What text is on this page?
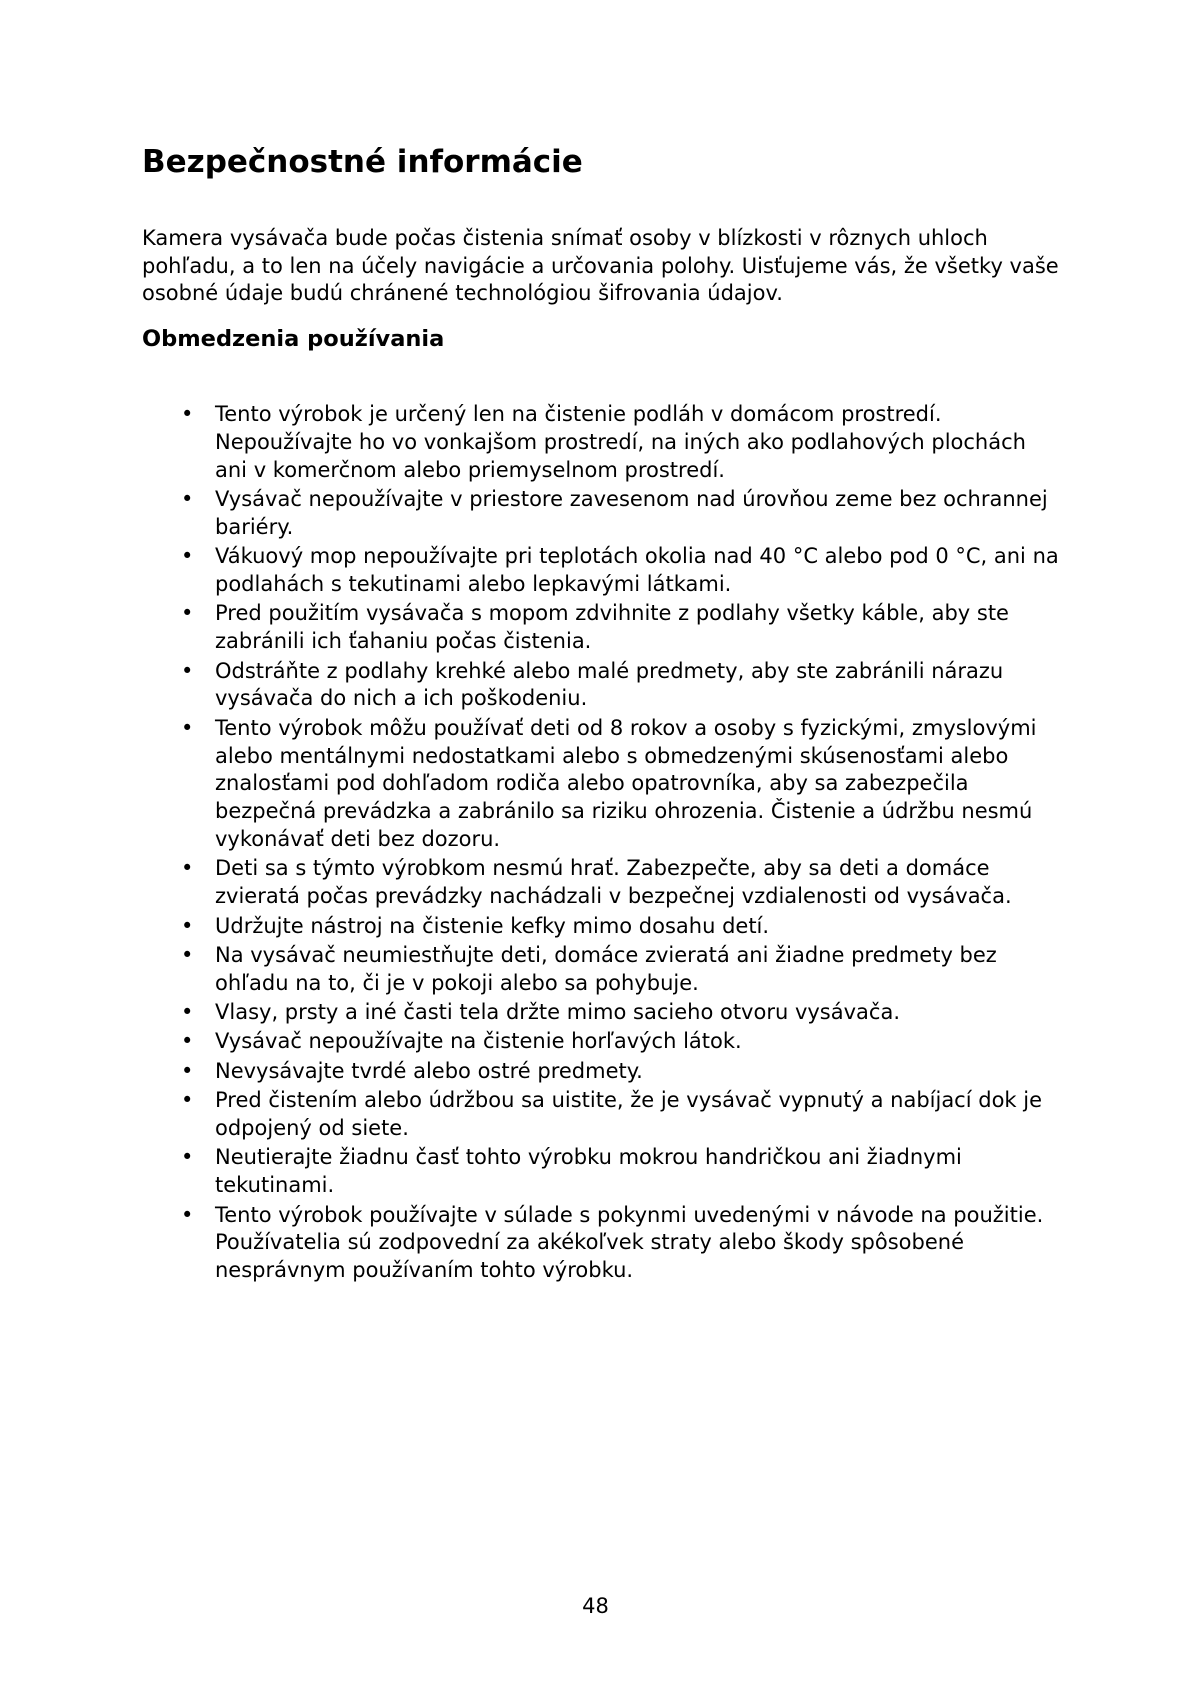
Bezpečnostné informácie

Kamera vysávača bude počas čistenia snímať osoby v blízkosti v rôznych uhloch pohľadu, a to len na účely navigácie a určovania polohy. Uisťujeme vás, že všetky vaše osobné údaje budú chránené technológiou šifrovania údajov.

Obmedzenia používania
• Tento výrobok je určený len na čistenie podláh v domácom prostredí. Nepoužívajte ho vo vonkajšom prostredí, na iných ako podlahových plochách ani v komerčnom alebo priemyselnom prostredí.
• Vysávač nepoužívajte v priestore zavesenom nad úrovňou zeme bez ochrannej bariéry.
• Vákuový mop nepoužívajte pri teplotách okolia nad 40 °C alebo pod 0 °C, ani na podlahách s tekutinami alebo lepkavými látkami.
• Pred použitím vysávača s mopom zdvihnite z podlahy všetky káble, aby ste zabránili ich ťahaniu počas čistenia.
• Odstráňte z podlahy krehké alebo malé predmety, aby ste zabránili nárazu vysávača do nich a ich poškodeniu.
• Tento výrobok môžu používať deti od 8 rokov a osoby s fyzickými, zmyslovými alebo mentálnymi nedostatkami alebo s obmedzenými skúsenosťami alebo znalosťami pod dohľadom rodiča alebo opatrovníka, aby sa zabezpečila bezpečná prevádzka a zabránilo sa riziku ohrozenia. Čistenie a údržbu nesmú vykonávať deti bez dozoru.
• Deti sa s týmto výrobkom nesmú hrať. Zabezpečte, aby sa deti a domáce zvieratá počas prevádzky nachádzali v bezpečnej vzdialenosti od vysávača.
• Udržujte nástroj na čistenie kefky mimo dosahu detí.
• Na vysávač neumiestňujte deti, domáce zvieratá ani žiadne predmety bez ohľadu na to, či je v pokoji alebo sa pohybuje.
• Vlasy, prsty a iné časti tela držte mimo sacieho otvoru vysávača.
• Vysávač nepoužívajte na čistenie horľavých látok.
• Nevysávajte tvrdé alebo ostré predmety.
• Pred čistením alebo údržbou sa uistite, že je vysávač vypnutý a nabíjací dok je odpojený od siete.
• Neutierajte žiadnu časť tohto výrobku mokrou handričkou ani žiadnymi tekutinami.
• Tento výrobok používajte v súlade s pokynmi uvedenými v návode na použitie. Používatelia sú zodpovední za akékoľvek straty alebo škody spôsobené nesprávnym používaním tohto výrobku.

48
